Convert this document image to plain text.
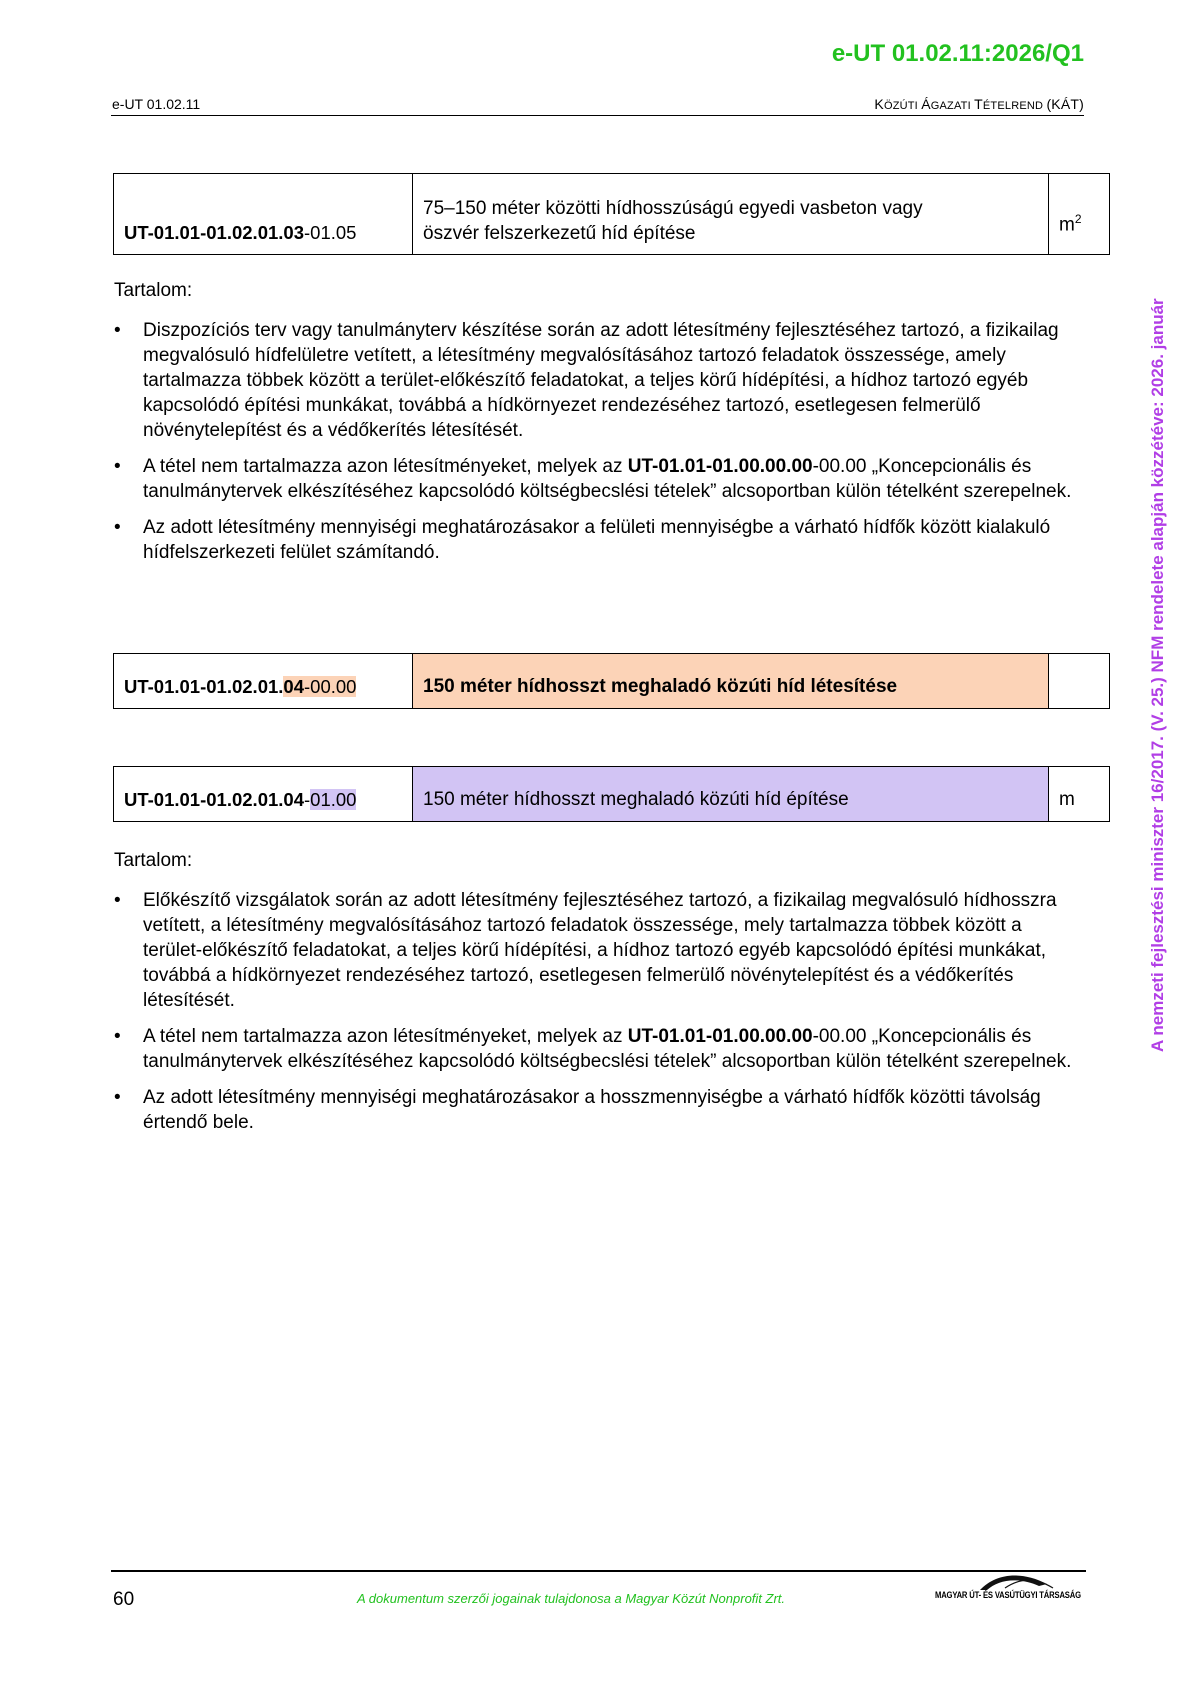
e-UT 01.02.11:2026/Q1
e-UT 01.02.11	KÖZÚTI ÁGAZATI TÉTELREND (KÁT)
A nemzeti fejlesztési miniszter 16/2017. (V. 25.) NFM rendelete alapján közzétéve: 2026. január
UT-01.01-01.02.01.03-01.05	75–150 méter közötti hídhosszúságú egyedi vasbeton vagy
öszvér felszerkezetű híd építése	$m^2$
Tartalom:
• Diszpozíciós terv vagy tanulmányterv készítése során az adott létesítmény fejlesztéséhez tartozó, a fizikailag megvalósuló hídfelületre vetített, a létesítmény megvalósításához tartozó feladatok összessége, amely tartalmazza többek között a terület-előkészítő feladatokat, a teljes körű hídépítési, a hídhoz tartozó egyéb kapcsolódó építési munkákat, továbbá a hídkörnyezet rendezéséhez tartozó, esetlegesen felmerülő növénytelepítést és a védőkerítés létesítését.
• A tétel nem tartalmazza azon létesítményeket, melyek az UT-01.01-01.00.00.00-00.00 „Koncepcionális és tanulmánytervek elkészítéséhez kapcsolódó költségbecslési tételek” alcsoportban külön tételként szerepelnek.
• Az adott létesítmény mennyiségi meghatározásakor a felületi mennyiségbe a várható hídfők között kialakuló hídfelszerkezeti felület számítandó.
UT-01.01-01.02.01.04-00.00	150 méter hídhosszt meghaladó közúti híd létesítése	
UT-01.01-01.02.01.04-01.00	150 méter hídhosszt meghaladó közúti híd építése	m
Tartalom:
• Előkészítő vizsgálatok során az adott létesítmény fejlesztéséhez tartozó, a fizikailag megvalósuló hídhosszra vetített, a létesítmény megvalósításához tartozó feladatok összessége, mely tartalmazza többek között a terület-előkészítő feladatokat, a teljes körű hídépítési, a hídhoz tartozó egyéb kapcsolódó építési munkákat, továbbá a hídkörnyezet rendezéséhez tartozó, esetlegesen felmerülő növénytelepítést és a védőkerítés létesítését.
• A tétel nem tartalmazza azon létesítményeket, melyek az UT-01.01-01.00.00.00-00.00 „Koncepcionális és tanulmánytervek elkészítéséhez kapcsolódó költségbecslési tételek” alcsoportban külön tételként szerepelnek.
• Az adott létesítmény mennyiségi meghatározásakor a hosszmennyiségbe a várható hídfők közötti távolság értendő bele.
60	A dokumentum szerzői jogainak tulajdonosa a Magyar Közút Nonprofit Zrt.	MAGYAR ÚT- ÉS VASÚTÜGYI TÁRSASÁG
